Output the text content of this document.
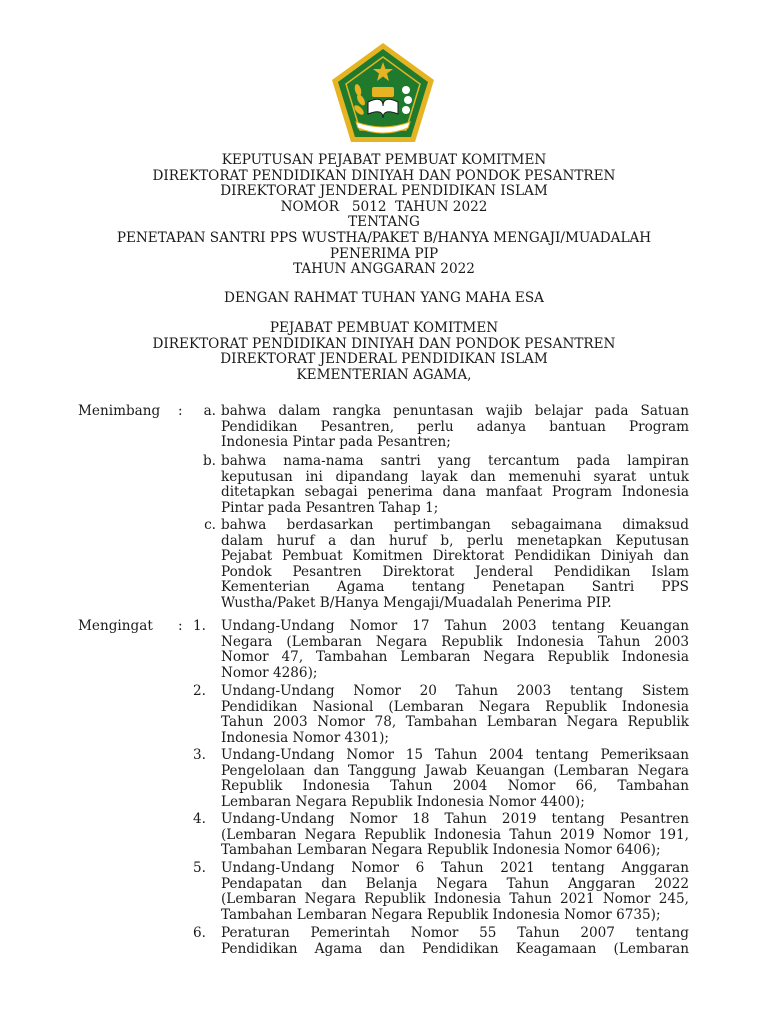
KEPUTUSAN PEJABAT PEMBUAT KOMITMEN
DIREKTORAT PENDIDIKAN DINIYAH DAN PONDOK PESANTREN
DIREKTORAT JENDERAL PENDIDIKAN ISLAM
NOMOR   5012  TAHUN 2022
TENTANG
PENETAPAN SANTRI PPS WUSTHA/PAKET B/HANYA MENGAJI/MUADALAH
PENERIMA PIP
TAHUN ANGGARAN 2022
DENGAN RAHMAT TUHAN YANG MAHA ESA
PEJABAT PEMBUAT KOMITMEN
DIREKTORAT PENDIDIKAN DINIYAH DAN PONDOK PESANTREN
DIREKTORAT JENDERAL PENDIDIKAN ISLAM
KEMENTERIAN AGAMA,
Menimbang :	a. bahwa dalam rangka penuntasan wajib belajar pada Satuan
Pendidikan Pesantren, perlu adanya bantuan Program
Indonesia Pintar pada Pesantren;
b. bahwa nama-nama santri yang tercantum pada lampiran
keputusan ini dipandang layak dan memenuhi syarat untuk
ditetapkan sebagai penerima dana manfaat Program Indonesia
Pintar pada Pesantren Tahap 1;
c. bahwa berdasarkan pertimbangan sebagaimana dimaksud
dalam huruf a dan huruf b, perlu menetapkan Keputusan
Pejabat Pembuat Komitmen Direktorat Pendidikan Diniyah dan
Pondok Pesantren Direktorat Jenderal Pendidikan Islam
Kementerian Agama tentang Penetapan Santri PPS
Wustha/Paket B/Hanya Mengaji/Muadalah Penerima PIP.
Mengingat : 1. Undang-Undang Nomor 17 Tahun 2003 tentang Keuangan
Negara (Lembaran Negara Republik Indonesia Tahun 2003
Nomor 47, Tambahan Lembaran Negara Republik Indonesia
Nomor 4286);
2. Undang-Undang Nomor 20 Tahun 2003 tentang Sistem
Pendidikan Nasional (Lembaran Negara Republik Indonesia
Tahun 2003 Nomor 78, Tambahan Lembaran Negara Republik
Indonesia Nomor 4301);
3. Undang-Undang Nomor 15 Tahun 2004 tentang Pemeriksaan
Pengelolaan dan Tanggung Jawab Keuangan (Lembaran Negara
Republik Indonesia Tahun 2004 Nomor 66, Tambahan
Lembaran Negara Republik Indonesia Nomor 4400);
4. Undang-Undang Nomor 18 Tahun 2019 tentang Pesantren
(Lembaran Negara Republik Indonesia Tahun 2019 Nomor 191,
Tambahan Lembaran Negara Republik Indonesia Nomor 6406);
5. Undang-Undang Nomor 6 Tahun 2021 tentang Anggaran
Pendapatan dan Belanja Negara Tahun Anggaran 2022
(Lembaran Negara Republik Indonesia Tahun 2021 Nomor 245,
Tambahan Lembaran Negara Republik Indonesia Nomor 6735);
6. Peraturan Pemerintah Nomor 55 Tahun 2007 tentang
Pendidikan Agama dan Pendidikan Keagamaan (Lembaran
